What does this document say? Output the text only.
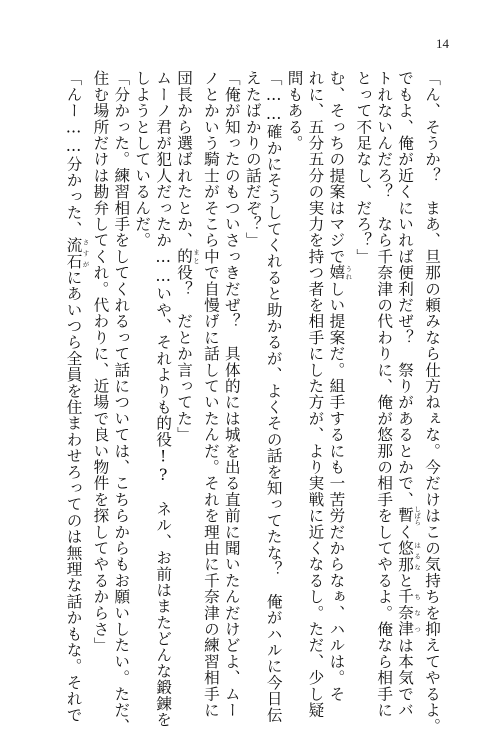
14
「ん、そうか？　まあ、旦那の頼みなら仕方ねぇな。今だけはこの気持ちを抑えてやるよ。
でもよ、俺が近くにいれば便利だぜ？　祭りがあるとかで、暫 しばらく悠那 はるなと千奈津 ちなつは本気でバ
トれないんだろ？　なら千奈津の代わりに、俺が悠那の相手をしてやるよ。俺なら相手に
とって不足なし、だろ？」
む、そっちの提案はマジで嬉 うれしい提案だ。組手するにも一苦労だからなぁ、ハルは。そ
れに、五分五分の実力を持つ者を相手にした方が、より実戦に近くなるし。ただ、少し疑
問もある。
「……確かにそうしてくれると助かるが、よくその話を知ってたな？　俺がハルに今日伝
えたばかりの話だぞ？」
「俺が知ったのもついさっきだぜ？　具体的には城を出る直前に聞いたんだけどよ、ムー
ノとかいう騎士がそこら中で自慢げに話していたんだ。それを理由に千奈津の練習相手に
団長から選ばれたとか、的 まと役？　だとか言ってた」
ムーノ君が犯人だったか……いや、それよりも的役!?　ネル、お前はまたどんな鍛錬を
しようとしているんだ。
「分かった。練習相手をしてくれるって話については、こちらからもお願いしたい。ただ、
住む場所だけは勘弁してくれ。代わりに、近場で良い物件を探してやるからさ」
「んー……分かった、流石 さすがにあいつら全員を住まわせろってのは無理な話かもな。それで
